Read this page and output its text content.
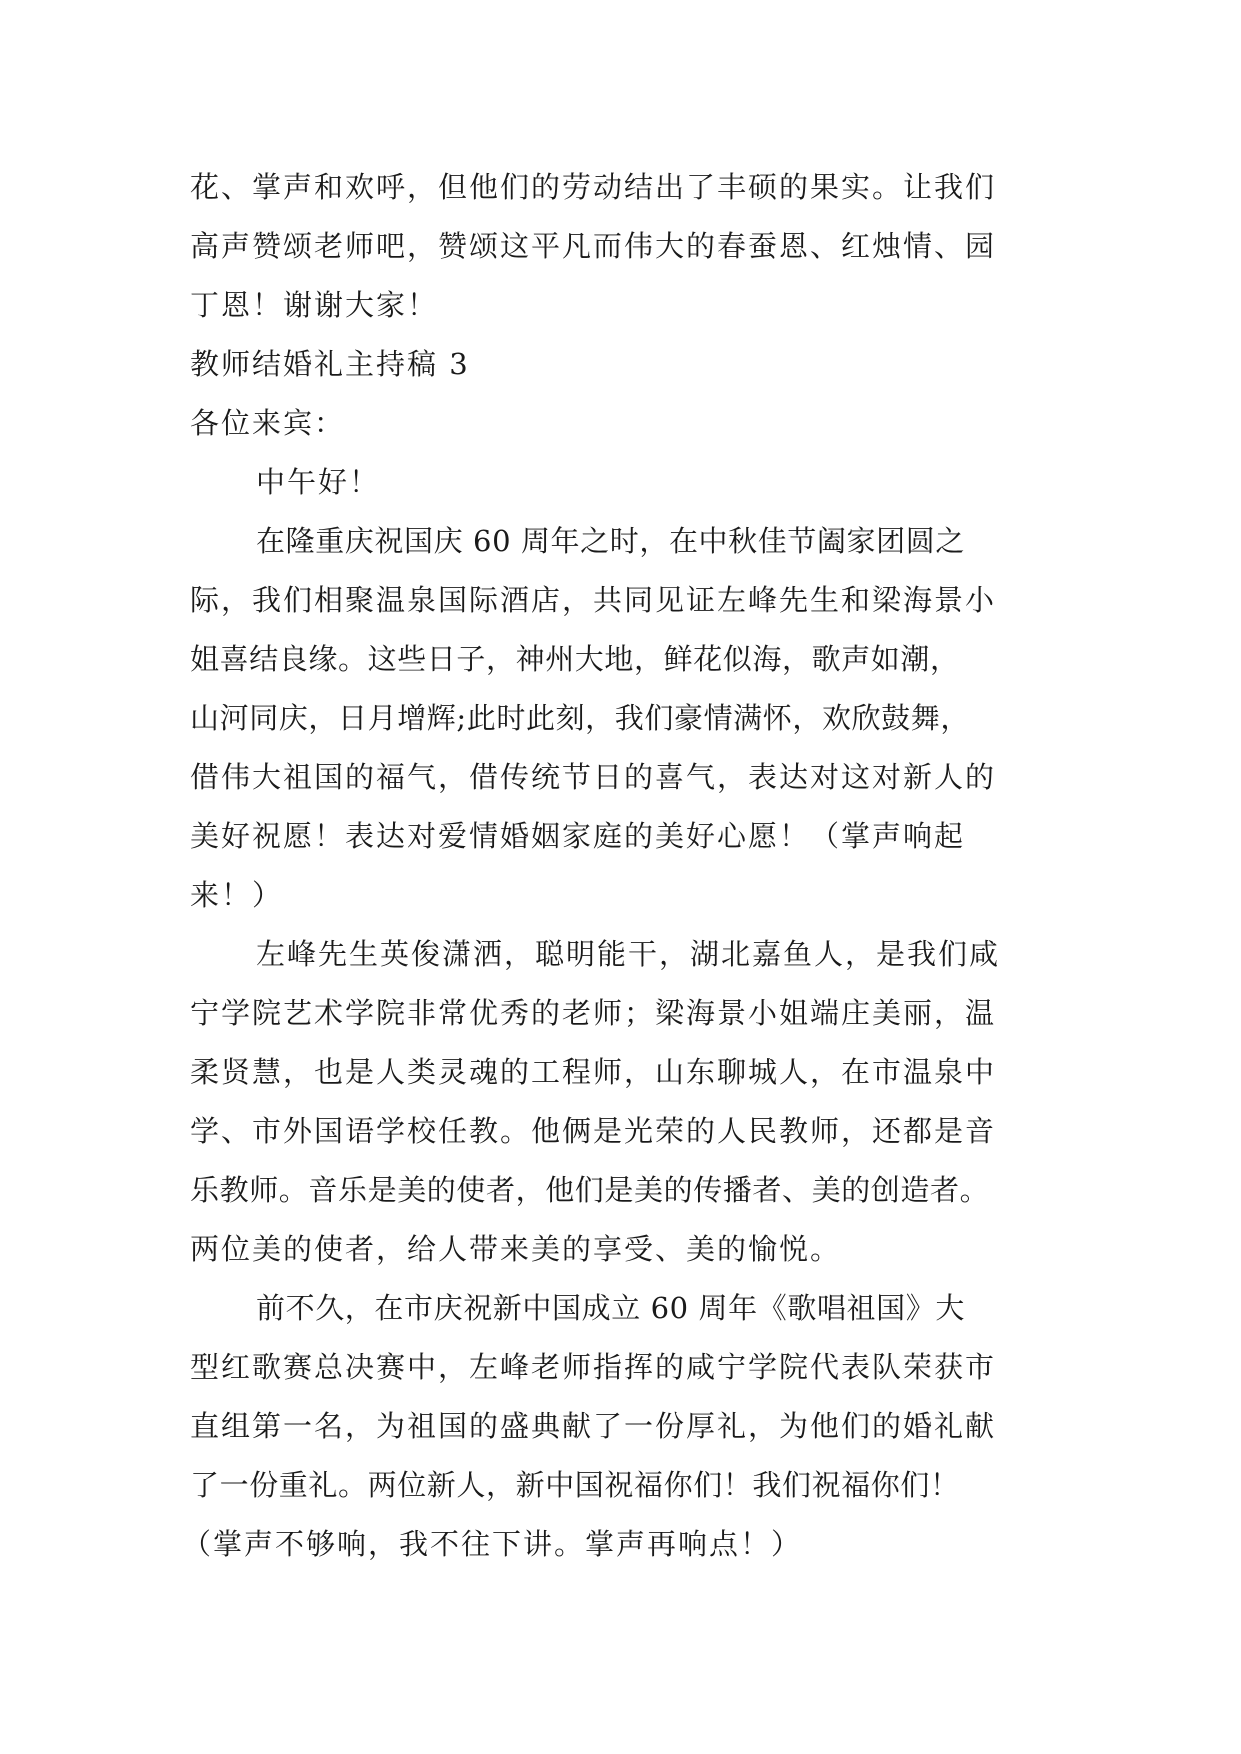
花、掌声和欢呼，但他们的劳动结出了丰硕的果实。让我们
高声赞颂老师吧，赞颂这平凡而伟大的春蚕恩、红烛情、园
丁恩！谢谢大家！
教师结婚礼主持稿 3
各位来宾：
中午好！
在隆重庆祝国庆 60 周年之时，在中秋佳节阖家团圆之
际，我们相聚温泉国际酒店，共同见证左峰先生和梁海景小
姐喜结良缘。这些日子，神州大地，鲜花似海，歌声如潮，
山河同庆，日月增辉;此时此刻，我们豪情满怀，欢欣鼓舞，
借伟大祖国的福气，借传统节日的喜气，表达对这对新人的
美好祝愿！表达对爱情婚姻家庭的美好心愿！（掌声响起
来！）
左峰先生英俊潇洒，聪明能干，湖北嘉鱼人，是我们咸
宁学院艺术学院非常优秀的老师；梁海景小姐端庄美丽，温
柔贤慧，也是人类灵魂的工程师，山东聊城人，在市温泉中
学、市外国语学校任教。他俩是光荣的人民教师，还都是音
乐教师。音乐是美的使者，他们是美的传播者、美的创造者。
两位美的使者，给人带来美的享受、美的愉悦。
前不久，在市庆祝新中国成立 60 周年《歌唱祖国》大
型红歌赛总决赛中，左峰老师指挥的咸宁学院代表队荣获市
直组第一名，为祖国的盛典献了一份厚礼，为他们的婚礼献
了一份重礼。两位新人，新中国祝福你们！我们祝福你们！
（掌声不够响，我不往下讲。掌声再响点！）
